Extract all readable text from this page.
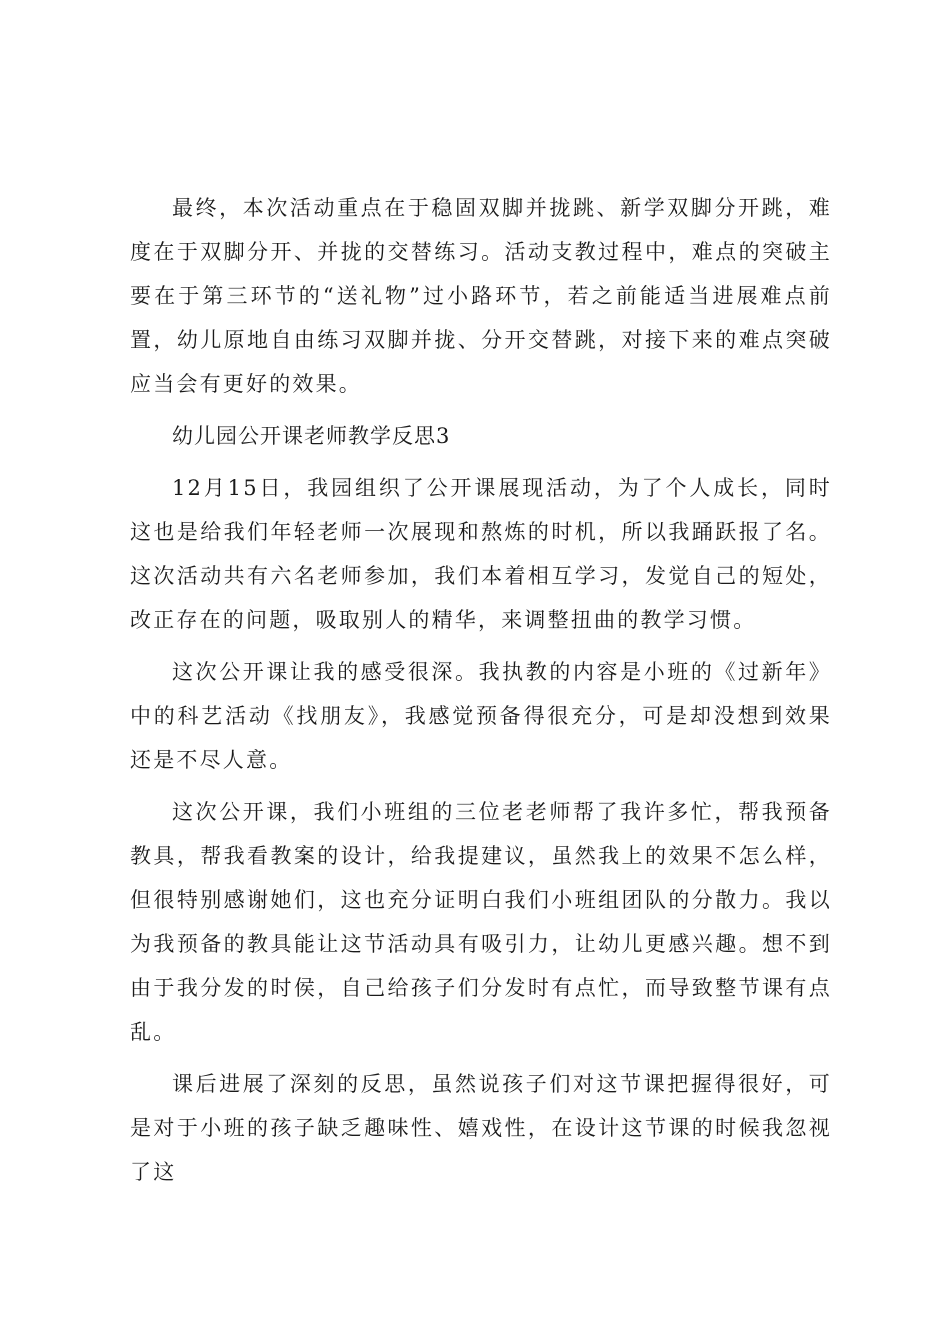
最终，本次活动重点在于稳固双脚并拢跳、新学双脚分开跳，难度在于双脚分开、并拢的交替练习。活动支教过程中，难点的突破主要在于第三环节的“送礼物”过小路环节，若之前能适当进展难点前置，幼儿原地自由练习双脚并拢、分开交替跳，对接下来的难点突破应当会有更好的效果。

幼儿园公开课老师教学反思3

12月15日，我园组织了公开课展现活动，为了个人成长，同时这也是给我们年轻老师一次展现和熬炼的时机，所以我踊跃报了名。这次活动共有六名老师参加，我们本着相互学习，发觉自己的短处，改正存在的问题，吸取别人的精华，来调整扭曲的教学习惯。

这次公开课让我的感受很深。我执教的内容是小班的《过新年》中的科艺活动《找朋友》，我感觉预备得很充分，可是却没想到效果还是不尽人意。

这次公开课，我们小班组的三位老老师帮了我许多忙，帮我预备教具，帮我看教案的设计，给我提建议，虽然我上的效果不怎么样，但很特别感谢她们，这也充分证明白我们小班组团队的分散力。我以为我预备的教具能让这节活动具有吸引力，让幼儿更感兴趣。想不到由于我分发的时侯，自己给孩子们分发时有点忙，而导致整节课有点乱。

课后进展了深刻的反思，虽然说孩子们对这节课把握得很好，可是对于小班的孩子缺乏趣味性、嬉戏性，在设计这节课的时候我忽视了这
